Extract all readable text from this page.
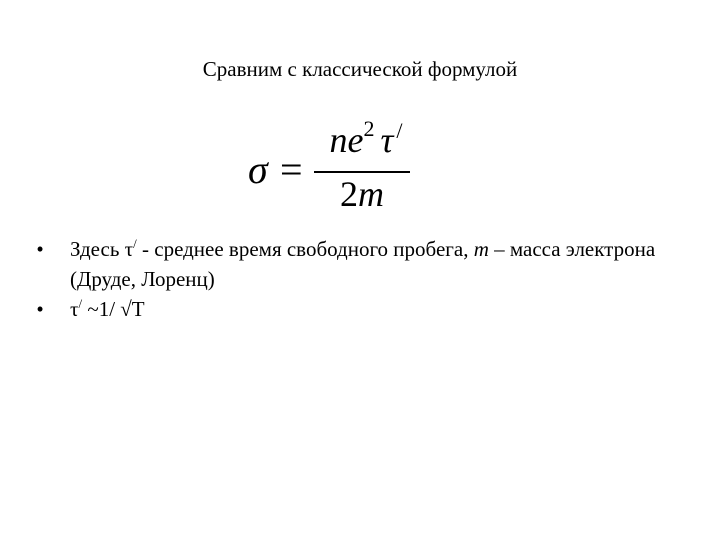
Сравним с классической формулой
σ =
$ne^2$ τ /
2m
•	Здесь τ/ - среднее время свободного пробега, m – масса электрона (Друде, Лоренц)
•	τ/ ~1/ √T
